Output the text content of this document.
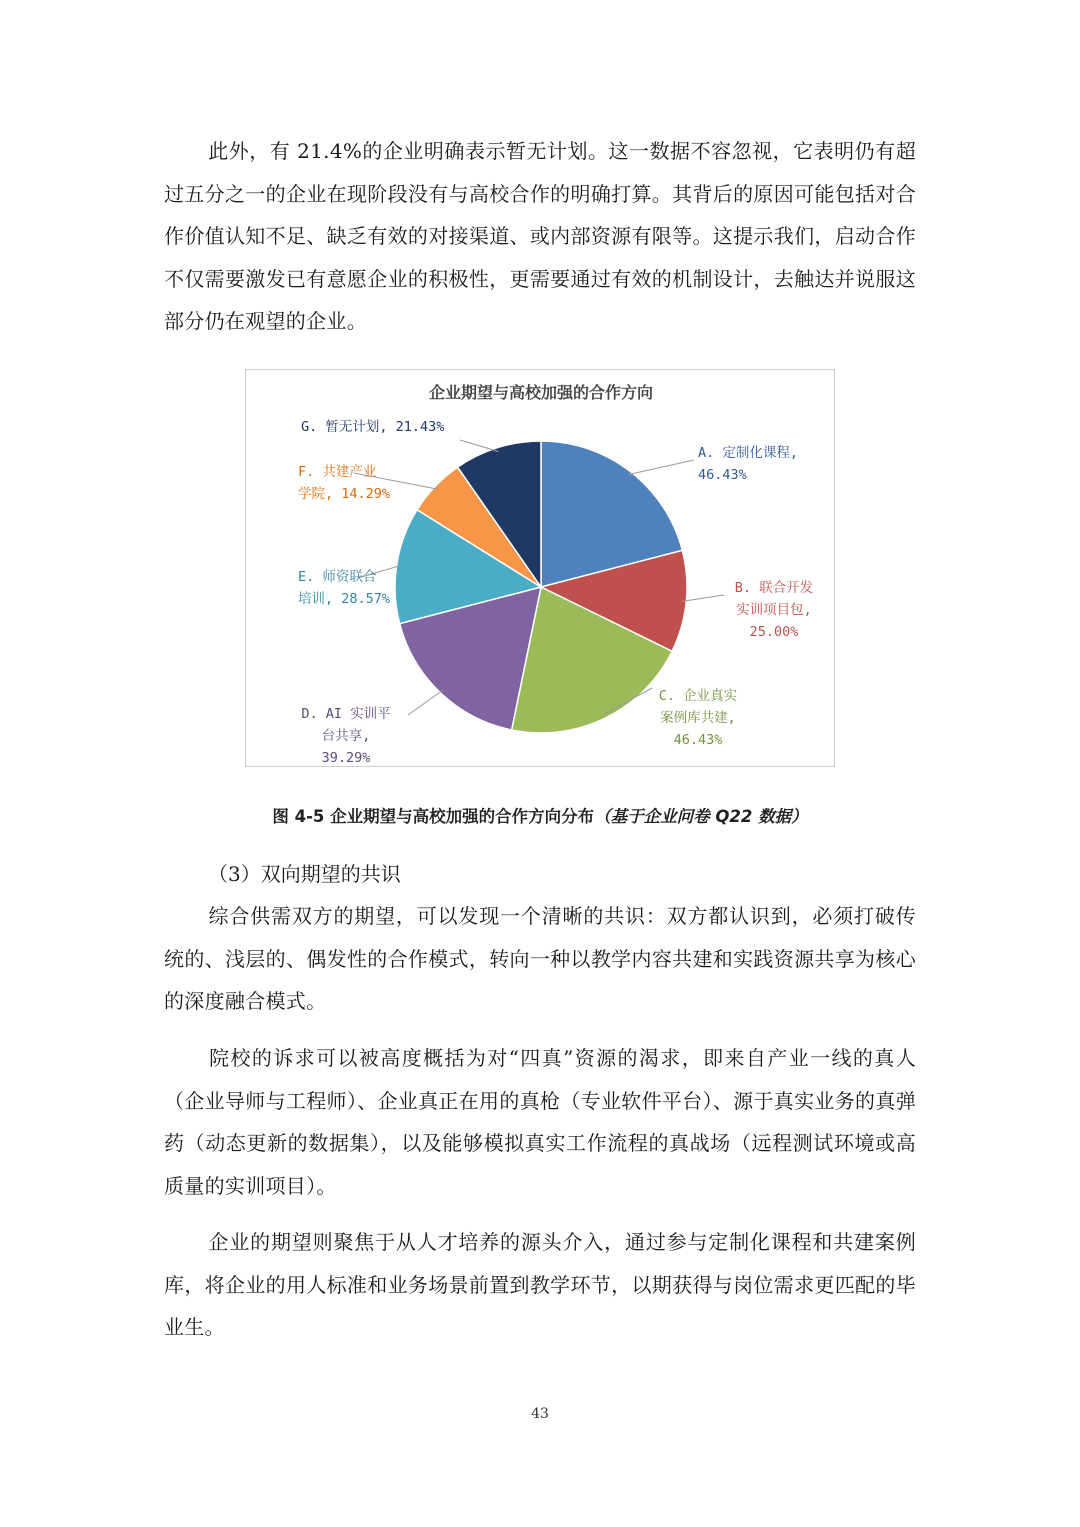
此外，有 21.4%的企业明确表示暂无计划。这一数据不容忽视，它表明仍有超过五分之一的企业在现阶段没有与高校合作的明确打算。其背后的原因可能包括对合作价值认知不足、缺乏有效的对接渠道、或内部资源有限等。这提示我们，启动合作不仅需要激发已有意愿企业的积极性，更需要通过有效的机制设计，去触达并说服这部分仍在观望的企业。

企业期望与高校加强的合作方向
A. 定制化课程, 46.43%
B. 联合开发实训项目包, 25.00%
C. 企业真实案例库共建, 46.43%
D. AI 实训平台共享, 39.29%
E. 师资联合培训, 28.57%
F. 共建产业学院, 14.29%
G. 暂无计划, 21.43%
图 4-5 企业期望与高校加强的合作方向分布（基于企业问卷 Q22 数据）
（3）双向期望的共识

综合供需双方的期望，可以发现一个清晰的共识：双方都认识到，必须打破传统的、浅层的、偶发性的合作模式，转向一种以教学内容共建和实践资源共享为核心的深度融合模式。

院校的诉求可以被高度概括为对“四真”资源的渴求，即来自产业一线的真人（企业导师与工程师）、企业真正在用的真枪（专业软件平台）、源于真实业务的真弹药（动态更新的数据集），以及能够模拟真实工作流程的真战场（远程测试环境或高质量的实训项目）。

企业的期望则聚焦于从人才培养的源头介入，通过参与定制化课程和共建案例库，将企业的用人标准和业务场景前置到教学环节，以期获得与岗位需求更匹配的毕业生。

43
